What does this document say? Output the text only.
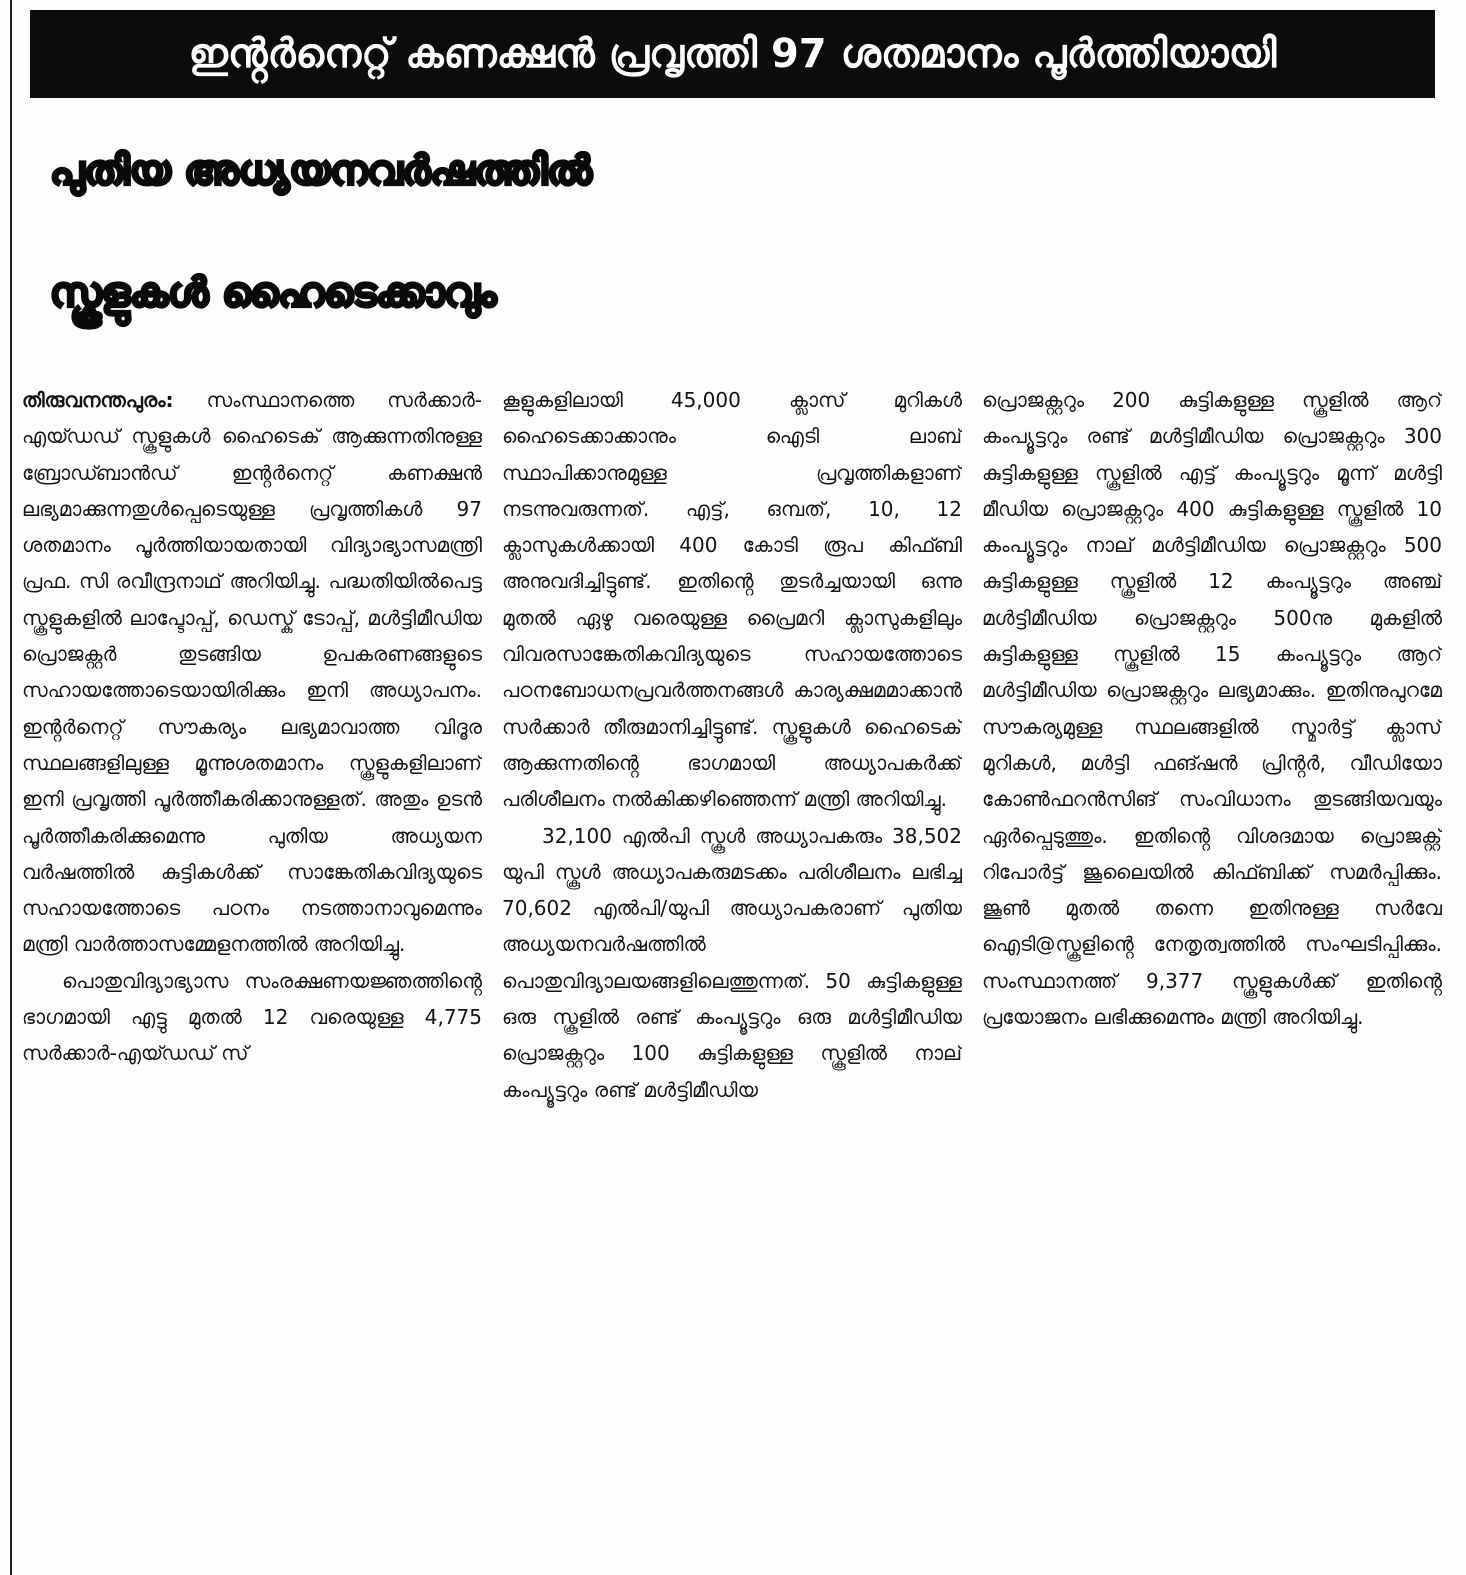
ഇൻ്റർനെറ്റ് കണക്ഷൻ പ്രവൃത്തി 97 ശതമാനം പൂർത്തിയായി
പുതിയ അധ്യയനവർഷത്തിൽ
സ്കൂളുകൾ ഹൈടെക്കാവും

തിരുവനന്തപുരം: സംസ്ഥാനത്തെ സർക്കാർ-എയ്ഡഡ് സ്കൂളുകൾ ഹൈടെക് ആക്കുന്നതിനുള്ള ബ്രോഡ്ബാൻഡ് ഇൻ്റർനെറ്റ് കണക്ഷൻ ലഭ്യമാക്കുന്നതുൾപ്പെടെയുള്ള പ്രവൃത്തികൾ 97 ശതമാനം പൂർത്തിയായതായി വിദ്യാഭ്യാസമന്ത്രി പ്രഫ. സി രവീന്ദ്രനാഥ് അറിയിച്ചു. പദ്ധതിയിൽപെട്ട സ്കൂളുകളിൽ ലാപ്ടോപ്പ്, ഡെസ്ക് ടോപ്പ്, മൾട്ടിമീഡിയ പ്രൊജക്റ്റർ തുടങ്ങിയ ഉപകരണങ്ങളുടെ സഹായത്തോടെയായിരിക്കും ഇനി അധ്യാപനം. ഇൻ്റർനെറ്റ് സൗകര്യം ലഭ്യമാവാത്ത വിദൂര സ്ഥലങ്ങളിലുള്ള മൂന്നുശതമാനം സ്കൂളുകളിലാണ് ഇനി പ്രവൃത്തി പൂർത്തീകരിക്കാനുള്ളത്. അതും ഉടൻ പൂർത്തീകരിക്കുമെന്നു പുതിയ അധ്യയന വർഷത്തിൽ കുട്ടികൾക്ക് സാങ്കേതികവിദ്യയുടെ സഹായത്തോടെ പഠനം നടത്താനാവുമെന്നും മന്ത്രി വാർത്താസമ്മേളനത്തിൽ അറിയിച്ചു.

പൊതുവിദ്യാഭ്യാസ സംരക്ഷണയജ്ഞത്തിൻ്റെ ഭാഗമായി എട്ടു മുതൽ 12 വരെയുള്ള 4,775 സർക്കാർ-എയ്ഡഡ് സ്

കൂളുകളിലായി 45,000 ക്ലാസ് മുറികൾ ഹൈടെക്കാക്കാനും ഐടി ലാബ് സ്ഥാപിക്കാനുമുള്ള പ്രവൃത്തികളാണ് നടന്നുവരുന്നത്. എട്ട്, ഒമ്പത്, 10, 12 ക്ലാസുകൾക്കായി 400 കോടി രൂപ കിഫ്ബി അനുവദിച്ചിട്ടുണ്ട്. ഇതിൻ്റെ തുടർച്ചയായി ഒന്നു മുതൽ ഏഴു വരെയുള്ള പ്രൈമറി ക്ലാസുകളിലും വിവരസാങ്കേതികവിദ്യയുടെ സഹായത്തോടെ പഠനബോധനപ്രവർത്തനങ്ങൾ കാര്യക്ഷമമാക്കാൻ സർക്കാർ തീരുമാനിച്ചിട്ടുണ്ട്. സ്കൂളുകൾ ഹൈടെക് ആക്കുന്നതിൻ്റെ ഭാഗമായി അധ്യാപകർക്ക് പരിശീലനം നൽകിക്കഴിഞ്ഞെന്ന് മന്ത്രി അറിയിച്ചു.

32,100 എൽപി സ്കൂൾ അധ്യാപകരും 38,502 യുപി സ്കൂൾ അധ്യാപകരുമടക്കം പരിശീലനം ലഭിച്ച 70,602 എൽപി/യുപി അധ്യാപകരാണ് പുതിയ അധ്യയനവർഷത്തിൽ പൊതുവിദ്യാലയങ്ങളിലെത്തുന്നത്. 50 കുട്ടികളുള്ള ഒരു സ്കൂളിൽ രണ്ട് കംപ്യൂട്ടറും ഒരു മൾട്ടിമീഡിയ പ്രൊജക്റ്ററും 100 കുട്ടികളുള്ള സ്കൂളിൽ നാല് കംപ്യൂട്ടറും രണ്ട് മൾട്ടിമീഡിയ

പ്രൊജക്റ്ററും 200 കുട്ടികളുള്ള സ്കൂളിൽ ആറ് കംപ്യൂട്ടറും രണ്ട് മൾട്ടിമീഡിയ പ്രൊജക്റ്ററും 300 കുട്ടികളുള്ള സ്കൂളിൽ എട്ട് കംപ്യൂട്ടറും മൂന്ന് മൾട്ടി മീഡിയ പ്രൊജക്റ്ററും 400 കുട്ടികളുള്ള സ്കൂളിൽ 10 കംപ്യൂട്ടറും നാല് മൾട്ടിമീഡിയ പ്രൊജക്റ്ററും 500 കുട്ടികളുള്ള സ്കൂളിൽ 12 കംപ്യൂട്ടറും അഞ്ച് മൾട്ടിമീഡിയ പ്രൊജക്റ്ററും 500നു മുകളിൽ കുട്ടികളുള്ള സ്കൂളിൽ 15 കംപ്യൂട്ടറും ആറ് മൾട്ടിമീഡിയ പ്രൊജക്റ്ററും ലഭ്യമാക്കും. ഇതിനുപുറമേ സൗകര്യമുള്ള സ്ഥലങ്ങളിൽ സ്മാർട്ട് ക്ലാസ് മുറികൾ, മൾട്ടി ഫങ്ഷൻ പ്രിൻ്റർ, വീഡിയോ കോൺഫറൻസിങ് സംവിധാനം തുടങ്ങിയവയും ഏർപ്പെടുത്തും. ഇതിൻ്റെ വിശദമായ പ്രൊജക്റ്റ് റിപോർട്ട് ജൂലൈയിൽ കിഫ്ബിക്ക് സമർപ്പിക്കും. ജൂൺ മുതൽ തന്നെ ഇതിനുള്ള സർവേ ഐടി@സ്കൂളിൻ്റെ നേതൃത്വത്തിൽ സംഘടിപ്പിക്കും. സംസ്ഥാനത്ത് 9,377 സ്കൂളുകൾക്ക് ഇതിൻ്റെ പ്രയോജനം ലഭിക്കുമെന്നും മന്ത്രി അറിയിച്ചു.
